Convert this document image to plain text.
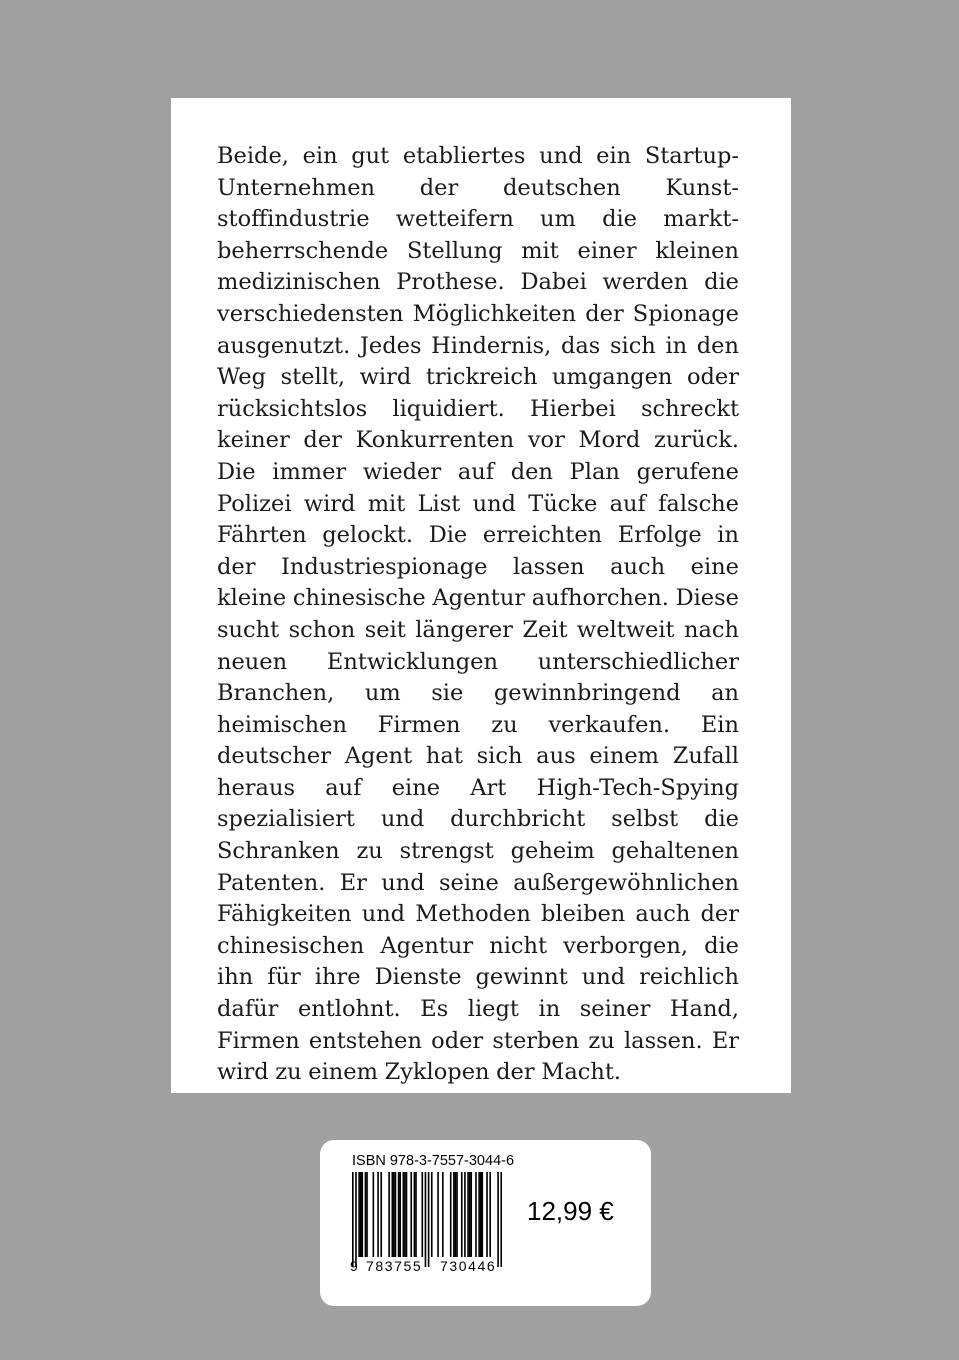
Beide, ein gut etabliertes und ein Startup-Unternehmen der deutschen Kunststoffindustrie wetteifern um die marktbeherrschende Stellung mit einer kleinen medizinischen Prothese. Dabei werden die verschiedensten Möglichkeiten der Spionage ausgenutzt. Jedes Hindernis, das sich in den Weg stellt, wird trickreich umgangen oder rücksichtslos liquidiert. Hierbei schreckt keiner der Konkurrenten vor Mord zurück. Die immer wieder auf den Plan gerufene Polizei wird mit List und Tücke auf falsche Fährten gelockt. Die erreichten Erfolge in der Industriespionage lassen auch eine kleine chinesische Agentur aufhorchen. Diese sucht schon seit längerer Zeit weltweit nach neuen Entwicklungen unterschiedlicher Branchen, um sie gewinnbringend an heimischen Firmen zu verkaufen. Ein deutscher Agent hat sich aus einem Zufall heraus auf eine Art High-Tech-Spying spezialisiert und durchbricht selbst die Schranken zu strengst geheim gehaltenen Patenten. Er und seine außergewöhnlichen Fähigkeiten und Methoden bleiben auch der chinesischen Agentur nicht verborgen, die ihn für ihre Dienste gewinnt und reichlich dafür entlohnt. Es liegt in seiner Hand, Firmen entstehen oder sterben zu lassen. Er wird zu einem Zyklopen der Macht.

ISBN 978-3-7557-3044-6
9 783755 730446
12,99 €
